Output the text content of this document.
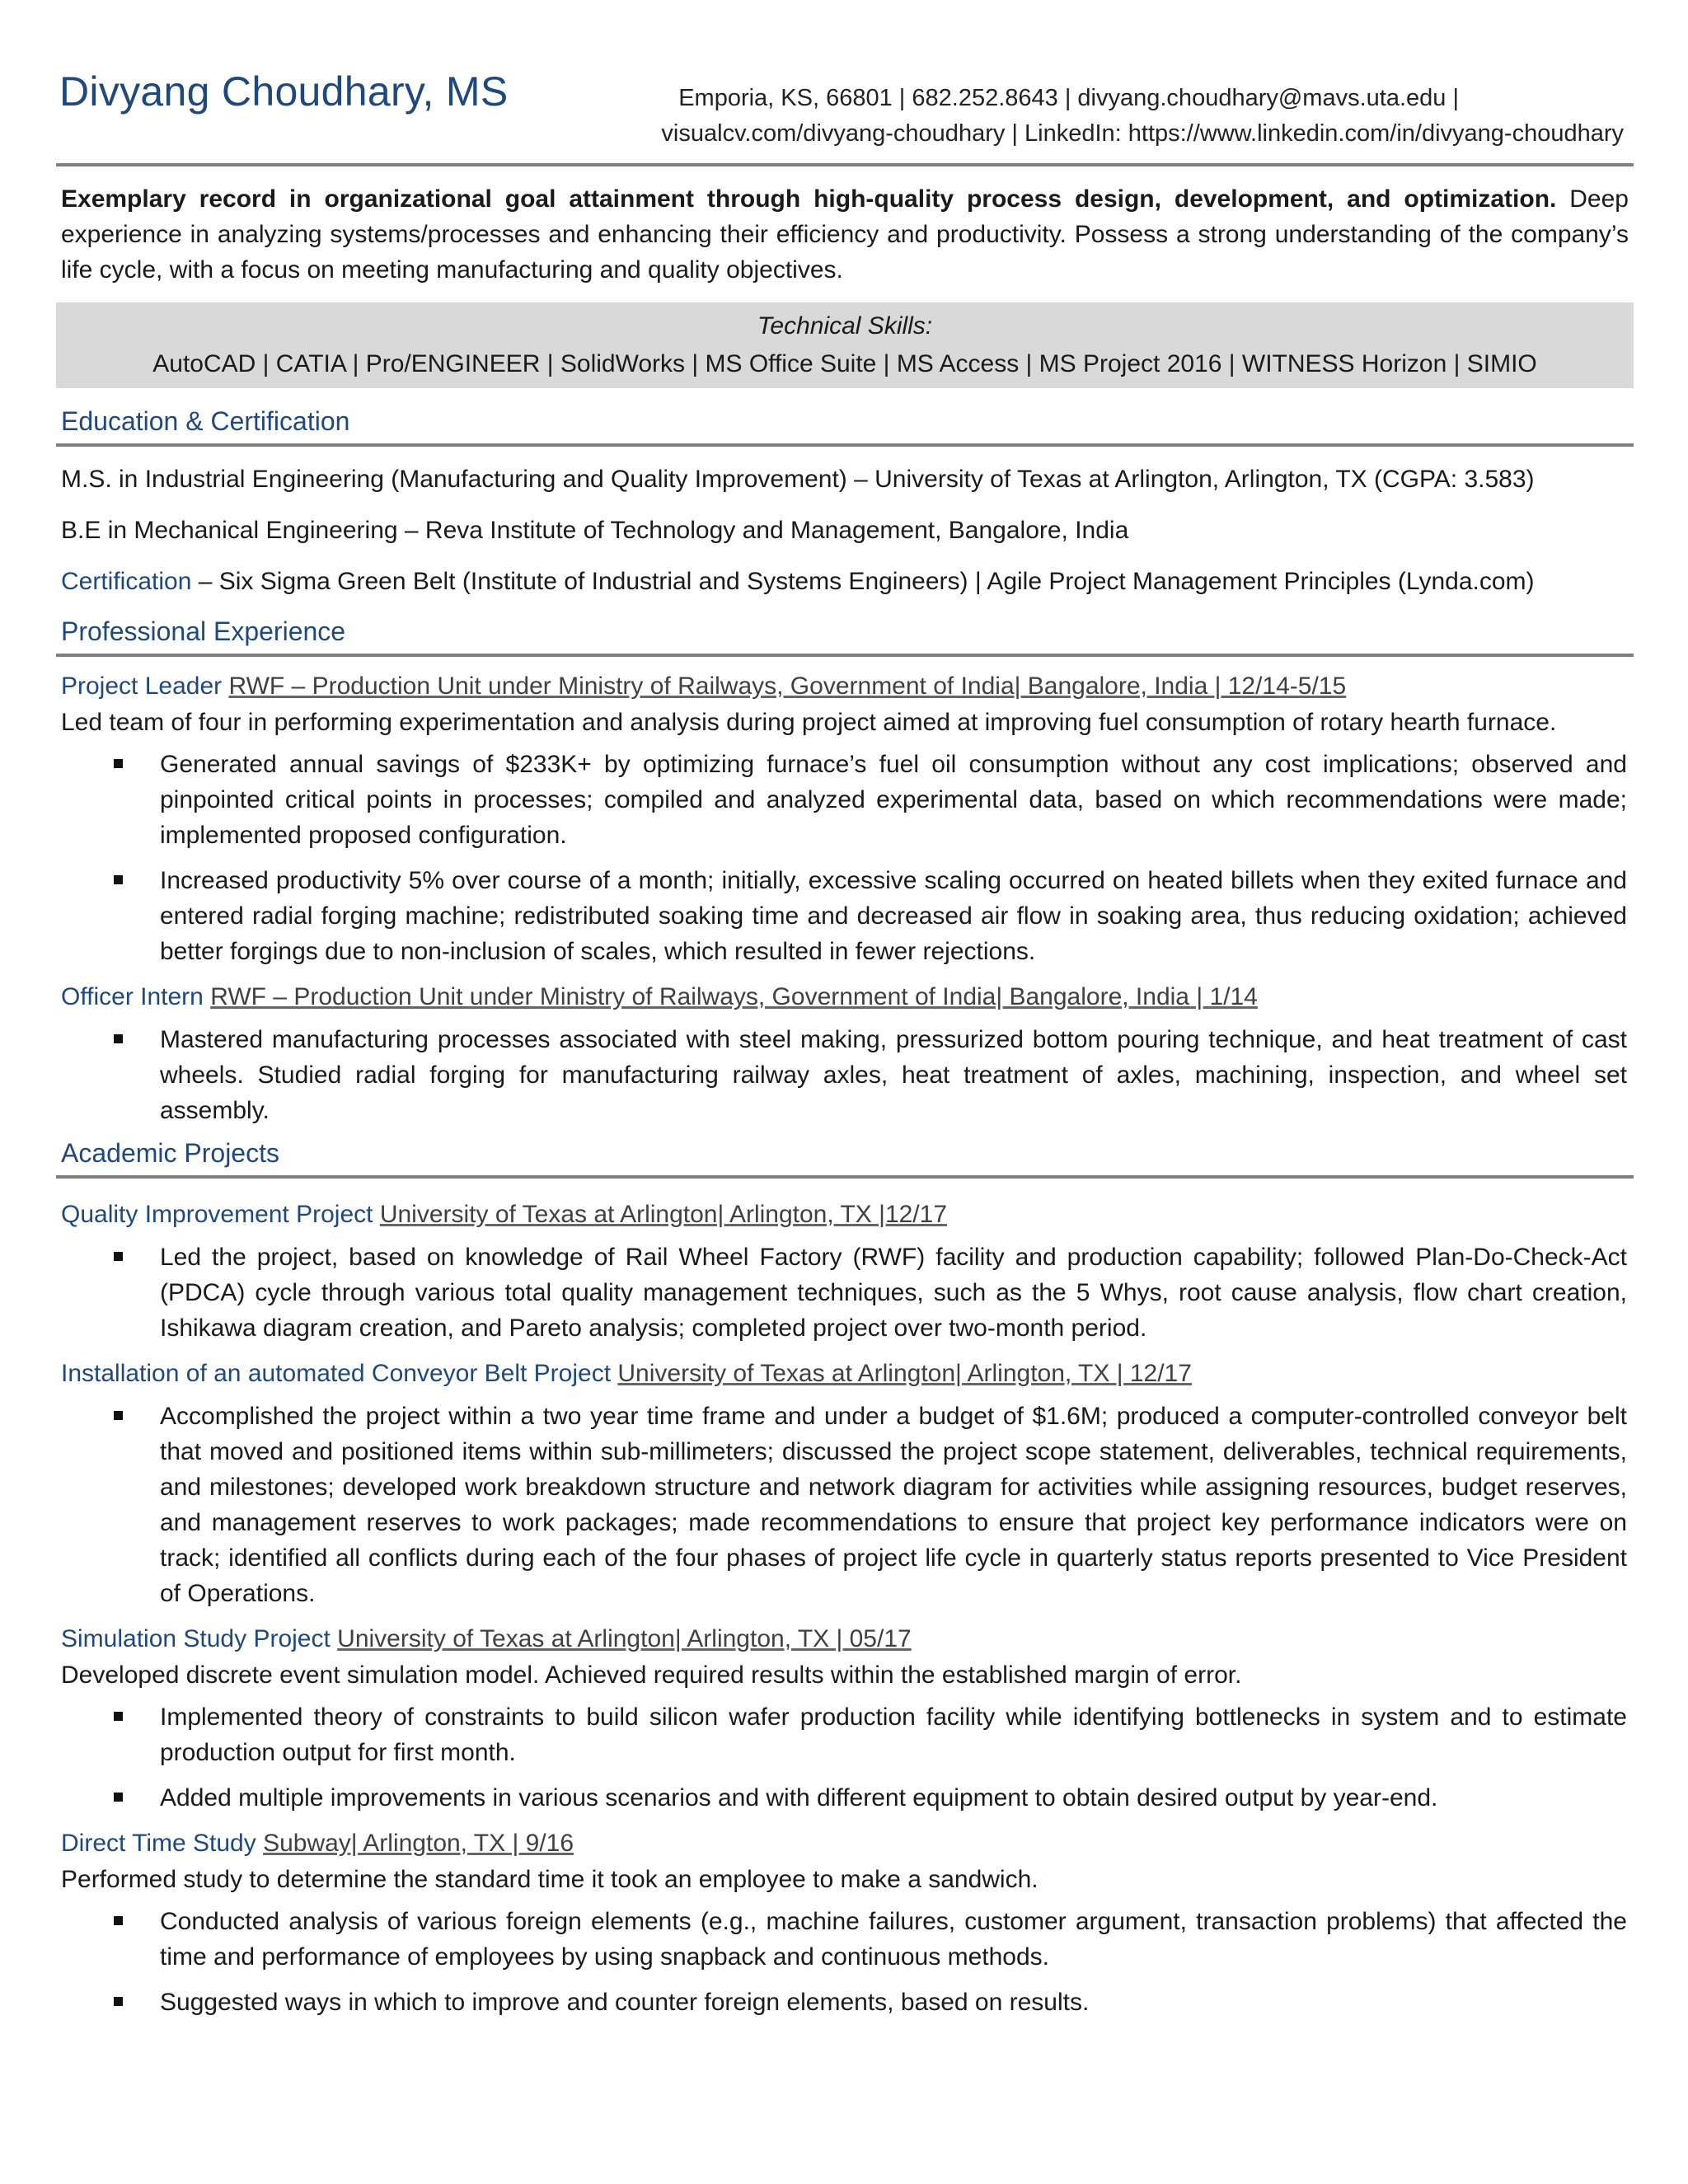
Divyang Choudhary, MS	Emporia, KS, 66801 | 682.252.8643 | divyang.choudhary@mavs.uta.edu |
visualcv.com/divyang-choudhary | LinkedIn: https://www.linkedin.com/in/divyang-choudhary
Exemplary record in organizational goal attainment through high-quality process design, development, and optimization. Deep experience in analyzing systems/processes and enhancing their efficiency and productivity. Possess a strong understanding of the company’s life cycle, with a focus on meeting manufacturing and quality objectives.
Technical Skills:
AutoCAD | CATIA | Pro/ENGINEER | SolidWorks | MS Office Suite | MS Access | MS Project 2016 | WITNESS Horizon | SIMIO
Education & Certification
M.S. in Industrial Engineering (Manufacturing and Quality Improvement) – University of Texas at Arlington, Arlington, TX (CGPA: 3.583)
B.E in Mechanical Engineering – Reva Institute of Technology and Management, Bangalore, India
Certification – Six Sigma Green Belt (Institute of Industrial and Systems Engineers) | Agile Project Management Principles (Lynda.com)
Professional Experience
Project Leader RWF – Production Unit under Ministry of Railways, Government of India| Bangalore, India | 12/14-5/15
Led team of four in performing experimentation and analysis during project aimed at improving fuel consumption of rotary hearth furnace.
Generated annual savings of $233K+ by optimizing furnace’s fuel oil consumption without any cost implications; observed and pinpointed critical points in processes; compiled and analyzed experimental data, based on which recommendations were made; implemented proposed configuration.
Increased productivity 5% over course of a month; initially, excessive scaling occurred on heated billets when they exited furnace and entered radial forging machine; redistributed soaking time and decreased air flow in soaking area, thus reducing oxidation; achieved better forgings due to non-inclusion of scales, which resulted in fewer rejections.
Officer Intern RWF – Production Unit under Ministry of Railways, Government of India| Bangalore, India | 1/14
Mastered manufacturing processes associated with steel making, pressurized bottom pouring technique, and heat treatment of cast wheels. Studied radial forging for manufacturing railway axles, heat treatment of axles, machining, inspection, and wheel set assembly.
Academic Projects
Quality Improvement Project University of Texas at Arlington| Arlington, TX |12/17
Led the project, based on knowledge of Rail Wheel Factory (RWF) facility and production capability; followed Plan-Do-Check-Act (PDCA) cycle through various total quality management techniques, such as the 5 Whys, root cause analysis, flow chart creation, Ishikawa diagram creation, and Pareto analysis; completed project over two-month period.
Installation of an automated Conveyor Belt Project University of Texas at Arlington| Arlington, TX | 12/17
Accomplished the project within a two year time frame and under a budget of $1.6M; produced a computer-controlled conveyor belt that moved and positioned items within sub-millimeters; discussed the project scope statement, deliverables, technical requirements, and milestones; developed work breakdown structure and network diagram for activities while assigning resources, budget reserves, and management reserves to work packages; made recommendations to ensure that project key performance indicators were on track; identified all conflicts during each of the four phases of project life cycle in quarterly status reports presented to Vice President of Operations.
Simulation Study Project University of Texas at Arlington| Arlington, TX | 05/17
Developed discrete event simulation model. Achieved required results within the established margin of error.
Implemented theory of constraints to build silicon wafer production facility while identifying bottlenecks in system and to estimate production output for first month.
Added multiple improvements in various scenarios and with different equipment to obtain desired output by year-end.
Direct Time Study Subway| Arlington, TX | 9/16
Performed study to determine the standard time it took an employee to make a sandwich.
Conducted analysis of various foreign elements (e.g., machine failures, customer argument, transaction problems) that affected the time and performance of employees by using snapback and continuous methods.
Suggested ways in which to improve and counter foreign elements, based on results.
